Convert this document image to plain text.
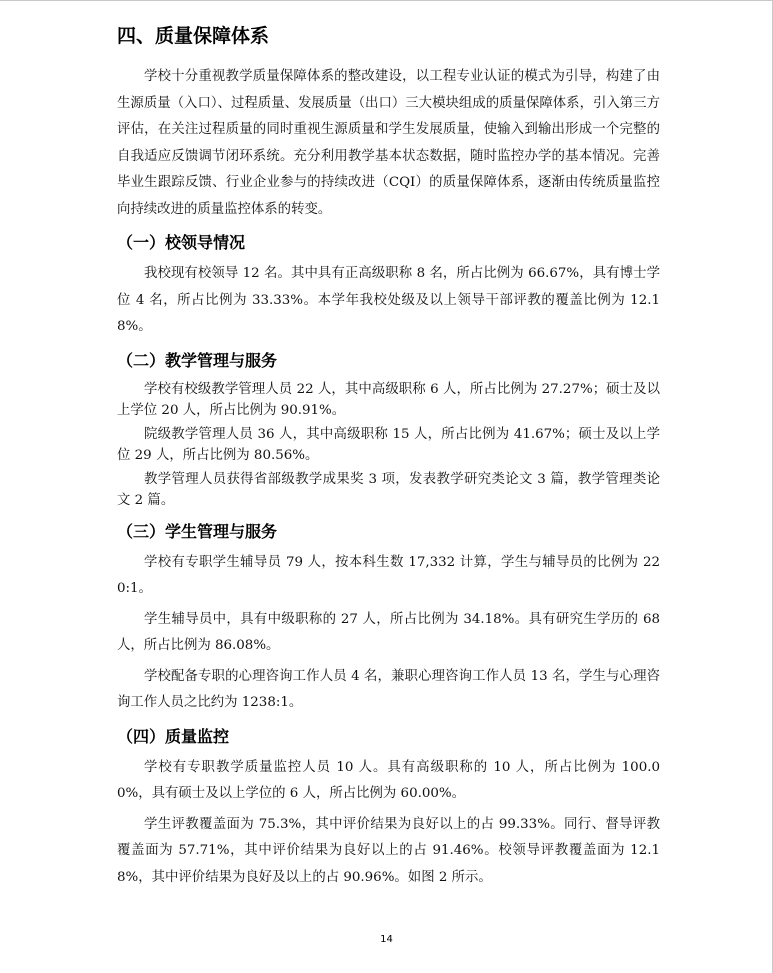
四、质量保障体系

学校十分重视教学质量保障体系的整改建设，以工程专业认证的模式为引导，构建了由生源质量（入口）、过程质量、发展质量（出口）三大模块组成的质量保障体系，引入第三方评估，在关注过程质量的同时重视生源质量和学生发展质量，使输入到输出形成一个完整的自我适应反馈调节闭环系统。充分利用教学基本状态数据，随时监控办学的基本情况。完善毕业生跟踪反馈、行业企业参与的持续改进（CQI）的质量保障体系，逐渐由传统质量监控向持续改进的质量监控体系的转变。

（一）校领导情况

我校现有校领导 12 名。其中具有正高级职称 8 名，所占比例为 66.67%，具有博士学位 4 名，所占比例为 33.33%。本学年我校处级及以上领导干部评教的覆盖比例为 12.18%。

（二）教学管理与服务

学校有校级教学管理人员 22 人，其中高级职称 6 人，所占比例为 27.27%；硕士及以上学位 20 人，所占比例为 90.91%。

院级教学管理人员 36 人，其中高级职称 15 人，所占比例为 41.67%；硕士及以上学位 29 人，所占比例为 80.56%。

教学管理人员获得省部级教学成果奖 3 项，发表教学研究类论文 3 篇，教学管理类论文 2 篇。

（三）学生管理与服务

学校有专职学生辅导员 79 人，按本科生数 17,332 计算，学生与辅导员的比例为 220:1。

学生辅导员中，具有中级职称的 27 人，所占比例为 34.18%。具有研究生学历的 68 人，所占比例为 86.08%。

学校配备专职的心理咨询工作人员 4 名，兼职心理咨询工作人员 13 名，学生与心理咨询工作人员之比约为 1238:1。

（四）质量监控

学校有专职教学质量监控人员 10 人。具有高级职称的 10 人，所占比例为 100.00%，具有硕士及以上学位的 6 人，所占比例为 60.00%。

学生评教覆盖面为 75.3%，其中评价结果为良好以上的占 99.33%。同行、督导评教覆盖面为 57.71%，其中评价结果为良好以上的占 91.46%。校领导评教覆盖面为 12.18%，其中评价结果为良好及以上的占 90.96%。如图 2 所示。

14
